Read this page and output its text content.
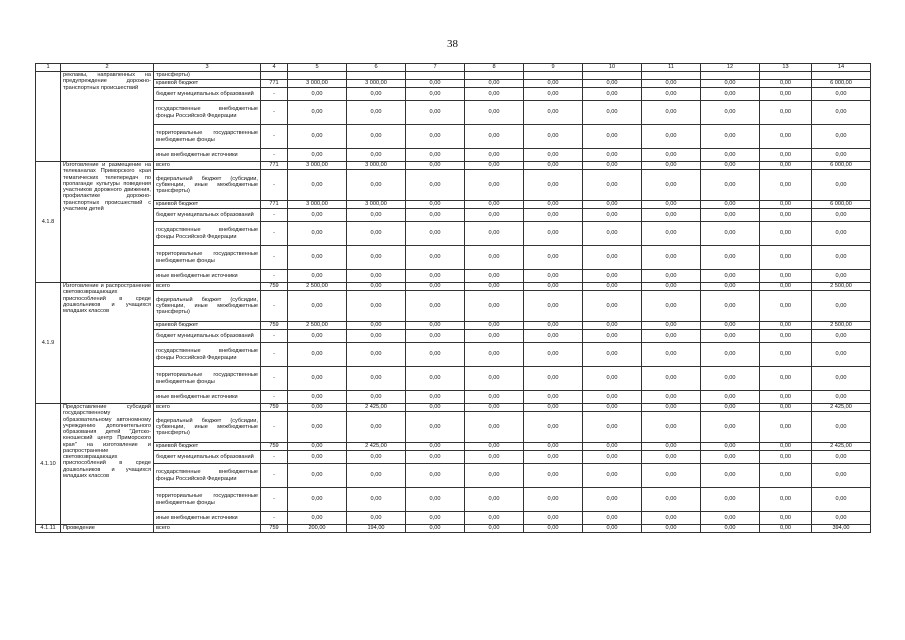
38
1	2	3	4	5	6	7	8	9	10	11	12	13	14
	рекламы, направленных на предупреждение дорожно-транспортных происшествий	трансферты)											
		краевой бюджет	771	3 000,00	3 000,00	0,00	0,00	0,00	0,00	0,00	0,00	0,00	6 000,00
		бюджет муниципальных образований	-	0,00	0,00	0,00	0,00	0,00	0,00	0,00	0,00	0,00	0,00
		государственные внебюджетные фонды Российской Федерации	-	0,00	0,00	0,00	0,00	0,00	0,00	0,00	0,00	0,00	0,00
		территориальные государственные внебюджетные фонды	-	0,00	0,00	0,00	0,00	0,00	0,00	0,00	0,00	0,00	0,00
		иные внебюджетные источники	-	0,00	0,00	0,00	0,00	0,00	0,00	0,00	0,00	0,00	0,00
4.1.8	Изготовление и размещение на телеканалах Приморского края тематических телепередач по пропаганде культуры поведения участников дорожного движения, профилактике дорожно-транспортных происшествий с участием детей	всего	771	3 000,00	3 000,00	0,00	0,00	0,00	0,00	0,00	0,00	0,00	6 000,00
		федеральный бюджет (субсидии, субвенции, иные межбюджетные трансферты)	-	0,00	0,00	0,00	0,00	0,00	0,00	0,00	0,00	0,00	0,00
		краевой бюджет	771	3 000,00	3 000,00	0,00	0,00	0,00	0,00	0,00	0,00	0,00	6 000,00
		бюджет муниципальных образований	-	0,00	0,00	0,00	0,00	0,00	0,00	0,00	0,00	0,00	0,00
		государственные внебюджетные фонды Российской Федерации	-	0,00	0,00	0,00	0,00	0,00	0,00	0,00	0,00	0,00	0,00
		территориальные государственные внебюджетные фонды	-	0,00	0,00	0,00	0,00	0,00	0,00	0,00	0,00	0,00	0,00
		иные внебюджетные источники	-	0,00	0,00	0,00	0,00	0,00	0,00	0,00	0,00	0,00	0,00
4.1.9	Изготовление и распространение световозвращающих приспособлений в среде дошкольников и учащихся младших классов	всего	759	2 500,00	0,00	0,00	0,00	0,00	0,00	0,00	0,00	0,00	2 500,00
		федеральный бюджет (субсидии, субвенции, иные межбюджетные трансферты)	-	0,00	0,00	0,00	0,00	0,00	0,00	0,00	0,00	0,00	0,00
		краевой бюджет	759	2 500,00	0,00	0,00	0,00	0,00	0,00	0,00	0,00	0,00	2 500,00
		бюджет муниципальных образований	-	0,00	0,00	0,00	0,00	0,00	0,00	0,00	0,00	0,00	0,00
		государственные внебюджетные фонды Российской Федерации	-	0,00	0,00	0,00	0,00	0,00	0,00	0,00	0,00	0,00	0,00
		территориальные государственные внебюджетные фонды	-	0,00	0,00	0,00	0,00	0,00	0,00	0,00	0,00	0,00	0,00
		иные внебюджетные источники	-	0,00	0,00	0,00	0,00	0,00	0,00	0,00	0,00	0,00	0,00
4.1.10	Предоставление субсидий государственному образовательному автономному учреждению дополнительного образования детей "Детско-юношеский центр Приморского края" на изготовление и распространение световозвращающих приспособлений в среде дошкольников и учащихся младших классов	всего	759	0,00	2 425,00	0,00	0,00	0,00	0,00	0,00	0,00	0,00	2 425,00
		федеральный бюджет (субсидии, субвенции, иные межбюджетные трансферты)	-	0,00	0,00	0,00	0,00	0,00	0,00	0,00	0,00	0,00	0,00
		краевой бюджет	759	0,00	2 425,00	0,00	0,00	0,00	0,00	0,00	0,00	0,00	2 425,00
		бюджет муниципальных образований	-	0,00	0,00	0,00	0,00	0,00	0,00	0,00	0,00	0,00	0,00
		государственные внебюджетные фонды Российской Федерации	-	0,00	0,00	0,00	0,00	0,00	0,00	0,00	0,00	0,00	0,00
		территориальные государственные внебюджетные фонды	-	0,00	0,00	0,00	0,00	0,00	0,00	0,00	0,00	0,00	0,00
		иные внебюджетные источники	-	0,00	0,00	0,00	0,00	0,00	0,00	0,00	0,00	0,00	0,00
4.1.11	Проведение	всего	759	200,00	194,00	0,00	0,00	0,00	0,00	0,00	0,00	0,00	394,00
